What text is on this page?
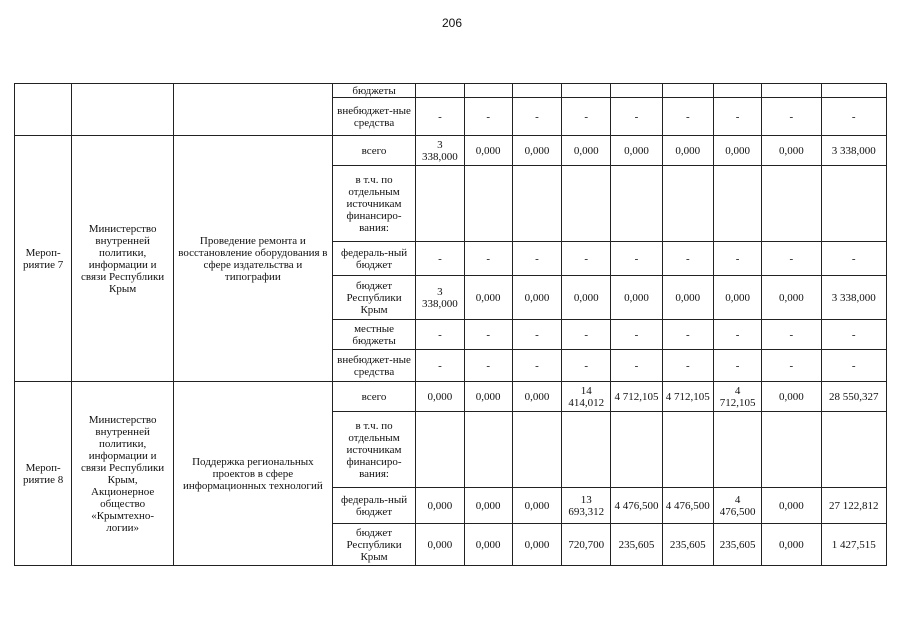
206
			бюджеты									
			внебюджет-ные средства	-	-	-	-	-	-	-	-	-
Мероп-риятие 7	Министерство внутренней политики, информации и связи Республики Крым	Проведение ремонта и восстановление оборудования в сфере издательства и типографии	всего	3 338,000	0,000	0,000	0,000	0,000	0,000	0,000	0,000	3 338,000
			в т.ч. по отдельным источникам финансиро-вания:									
			федераль-ный бюджет	-	-	-	-	-	-	-	-	-
			бюджет Республики Крым	3 338,000	0,000	0,000	0,000	0,000	0,000	0,000	0,000	3 338,000
			местные бюджеты	-	-	-	-	-	-	-	-	-
			внебюджет-ные средства	-	-	-	-	-	-	-	-	-
Мероп-риятие 8	Министерство внутренней политики, информации и связи Республики Крым, Акционерное общество «Крымтехно-логии»	Поддержка региональных проектов в сфере информационных технологий	всего	0,000	0,000	0,000	14 414,012	4 712,105	4 712,105	4 712,105	0,000	28 550,327
			в т.ч. по отдельным источникам финансиро-вания:									
			федераль-ный бюджет	0,000	0,000	0,000	13 693,312	4 476,500	4 476,500	4 476,500	0,000	27 122,812
			бюджет Республики Крым	0,000	0,000	0,000	720,700	235,605	235,605	235,605	0,000	1 427,515
